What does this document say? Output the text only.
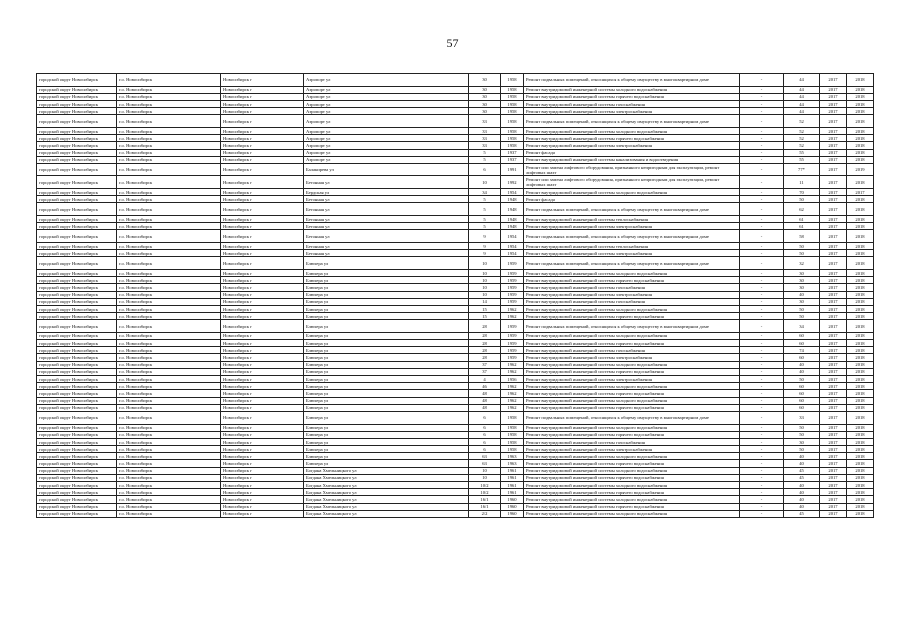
57
городской округ Новосибирск	г.о. Новосибирск	Новосибирск г	Аэропорт ул	30	1958	Ремонт подвальных помещений, относящихся к общему имуществу в многоквартирном доме	-	44	2017	2018
городской округ Новосибирск	г.о. Новосибирск	Новосибирск г	Аэропорт ул	30	1958	Ремонт внутридомовой инженерной системы холодного водоснабжения	-	44	2017	2018
городской округ Новосибирск	г.о. Новосибирск	Новосибирск г	Аэропорт ул	30	1958	Ремонт внутридомовой инженерной системы горячего водоснабжения	-	44	2017	2018
городской округ Новосибирск	г.о. Новосибирск	Новосибирск г	Аэропорт ул	30	1958	Ремонт внутридомовой инженерной системы газоснабжения	-	44	2017	2018
городской округ Новосибирск	г.о. Новосибирск	Новосибирск г	Аэропорт ул	30	1958	Ремонт внутридомовой инженерной системы электроснабжения	-	44	2017	2018
городской округ Новосибирск	г.о. Новосибирск	Новосибирск г	Аэропорт ул	33	1958	Ремонт подвальных помещений, относящихся к общему имуществу в многоквартирном доме	-	52	2017	2018
городской округ Новосибирск	г.о. Новосибирск	Новосибирск г	Аэропорт ул	33	1958	Ремонт внутридомовой инженерной системы холодного водоснабжения	-	52	2017	2018
городской округ Новосибирск	г.о. Новосибирск	Новосибирск г	Аэропорт ул	33	1958	Ремонт внутридомовой инженерной системы горячего водоснабжения	-	52	2017	2018
городской округ Новосибирск	г.о. Новосибирск	Новосибирск г	Аэропорт ул	33	1958	Ремонт внутридомовой инженерной системы электроснабжения	-	52	2017	2018
городской округ Новосибирск	г.о. Новосибирск	Новосибирск г	Аэропорт ул	5	1937	Ремонт фасада	-	55	2017	2018
городской округ Новосибирск	г.о. Новосибирск	Новосибирск г	Аэропорт ул	5	1937	Ремонт внутридомовой инженерной системы канализования и водоотведения	-	55	2017	2018
городской округ Новосибирск	г.о. Новосибирск	Новосибирск г	Балакирева ул	6	1991	Ремонт или замена лифтового оборудования, признанного непригодным для эксплуатации, ремонт лифтовых шахт	-	77*	2017	2019
городской округ Новосибирск	г.о. Новосибирск	Новосибирск г	Бетонная ул	10	1992	Ремонт или замена лифтового оборудования, признанного непригодным для эксплуатации, ремонт лифтовых шахт	-	11	2017	2018
городской округ Новосибирск	г.о. Новосибирск	Новосибирск г	Бердская ул	34	1954	Ремонт внутридомовой инженерной системы холодного водоснабжения	-	70	2017	2017
городской округ Новосибирск	г.о. Новосибирск	Новосибирск г	Бетонная ул	5	1948	Ремонт фасада	-	50	2017	2018
городской округ Новосибирск	г.о. Новосибирск	Новосибирск г	Бетонная ул	5	1948	Ремонт подвальных помещений, относящихся к общему имуществу в многоквартирном доме	-	62	2017	2018
городской округ Новосибирск	г.о. Новосибирск	Новосибирск г	Бетонная ул	5	1948	Ремонт внутридомовой инженерной системы теплоснабжения	-	61	2017	2018
городской округ Новосибирск	г.о. Новосибирск	Новосибирск г	Бетонная ул	5	1948	Ремонт внутридомовой инженерной системы электроснабжения	-	61	2017	2018
городской округ Новосибирск	г.о. Новосибирск	Новосибирск г	Бетонная ул	9	1954	Ремонт подвальных помещений, относящихся к общему имуществу в многоквартирном доме	-	58	2017	2018
городской округ Новосибирск	г.о. Новосибирск	Новосибирск г	Бетонная ул	9	1954	Ремонт внутридомовой инженерной системы теплоснабжения	-	50	2017	2018
городской округ Новосибирск	г.о. Новосибирск	Новосибирск г	Бетонная ул	9	1954	Ремонт внутридомовой инженерной системы электроснабжения	-	50	2017	2018
городской округ Новосибирск	г.о. Новосибирск	Новосибирск г	Блюхера ул	10	1959	Ремонт подвальных помещений, относящихся к общему имуществу в многоквартирном доме	-	32	2017	2018
городской округ Новосибирск	г.о. Новосибирск	Новосибирск г	Блюхера ул	10	1959	Ремонт внутридомовой инженерной системы холодного водоснабжения	-	30	2017	2018
городской округ Новосибирск	г.о. Новосибирск	Новосибирск г	Блюхера ул	10	1959	Ремонт внутридомовой инженерной системы горячего водоснабжения	-	30	2017	2018
городской округ Новосибирск	г.о. Новосибирск	Новосибирск г	Блюхера ул	10	1959	Ремонт внутридомовой инженерной системы газоснабжения	-	30	2017	2018
городской округ Новосибирск	г.о. Новосибирск	Новосибирск г	Блюхера ул	10	1959	Ремонт внутридомовой инженерной системы электроснабжения	-	40	2017	2018
городской округ Новосибирск	г.о. Новосибирск	Новосибирск г	Блюхера ул	14	1959	Ремонт внутридомовой инженерной системы газоснабжения	-	30	2017	2018
городской округ Новосибирск	г.о. Новосибирск	Новосибирск г	Блюхера ул	15	1962	Ремонт внутридомовой инженерной системы холодного водоснабжения	-	50	2017	2018
городской округ Новосибирск	г.о. Новосибирск	Новосибирск г	Блюхера ул	15	1962	Ремонт внутридомовой инженерной системы горячего водоснабжения	-	50	2017	2018
городской округ Новосибирск	г.о. Новосибирск	Новосибирск г	Блюхера ул	28	1959	Ремонт подвальных помещений, относящихся к общему имуществу в многоквартирном доме	-	34	2017	2018
городской округ Новосибирск	г.о. Новосибирск	Новосибирск г	Блюхера ул	28	1959	Ремонт внутридомовой инженерной системы холодного водоснабжения	-	60	2017	2018
городской округ Новосибирск	г.о. Новосибирск	Новосибирск г	Блюхера ул	28	1959	Ремонт внутридомовой инженерной системы горячего водоснабжения	-	60	2017	2018
городской округ Новосибирск	г.о. Новосибирск	Новосибирск г	Блюхера ул	28	1959	Ремонт внутридомовой инженерной системы газоснабжения	-	74	2017	2018
городской округ Новосибирск	г.о. Новосибирск	Новосибирск г	Блюхера ул	28	1959	Ремонт внутридомовой инженерной системы электроснабжения	-	60	2017	2018
городской округ Новосибирск	г.о. Новосибирск	Новосибирск г	Блюхера ул	37	1962	Ремонт внутридомовой инженерной системы холодного водоснабжения	-	40	2017	2018
городской округ Новосибирск	г.о. Новосибирск	Новосибирск г	Блюхера ул	37	1962	Ремонт внутридомовой инженерной системы горячего водоснабжения	-	40	2017	2018
городской округ Новосибирск	г.о. Новосибирск	Новосибирск г	Блюхера ул	4	1956	Ремонт внутридомовой инженерной системы электроснабжения	-	50	2017	2018
городской округ Новосибирск	г.о. Новосибирск	Новосибирск г	Блюхера ул	46	1962	Ремонт внутридомовой инженерной системы холодного водоснабжения	-	60	2017	2018
городской округ Новосибирск	г.о. Новосибирск	Новосибирск г	Блюхера ул	48	1962	Ремонт внутридомовой инженерной системы горячего водоснабжения	-	60	2017	2018
городской округ Новосибирск	г.о. Новосибирск	Новосибирск г	Блюхера ул	48	1962	Ремонт внутридомовой инженерной системы холодного водоснабжения	-	60	2017	2018
городской округ Новосибирск	г.о. Новосибирск	Новосибирск г	Блюхера ул	48	1962	Ремонт внутридомовой инженерной системы горячего водоснабжения	-	60	2017	2018
городской округ Новосибирск	г.о. Новосибирск	Новосибирск г	Блюхера ул	6	1958	Ремонт подвальных помещений, относящихся к общему имуществу в многоквартирном доме	-	33	2017	2018
городской округ Новосибирск	г.о. Новосибирск	Новосибирск г	Блюхера ул	6	1958	Ремонт внутридомовой инженерной системы холодного водоснабжения	-	50	2017	2018
городской округ Новосибирск	г.о. Новосибирск	Новосибирск г	Блюхера ул	6	1958	Ремонт внутридомовой инженерной системы горячего водоснабжения	-	50	2017	2018
городской округ Новосибирск	г.о. Новосибирск	Новосибирск г	Блюхера ул	6	1958	Ремонт внутридомовой инженерной системы газоснабжения	-	30	2017	2018
городской округ Новосибирск	г.о. Новосибирск	Новосибирск г	Блюхера ул	6	1958	Ремонт внутридомовой инженерной системы электроснабжения	-	50	2017	2018
городской округ Новосибирск	г.о. Новосибирск	Новосибирск г	Блюхера ул	63	1963	Ремонт внутридомовой инженерной системы холодного водоснабжения	-	40	2017	2018
городской округ Новосибирск	г.о. Новосибирск	Новосибирск г	Блюхера ул	63	1963	Ремонт внутридомовой инженерной системы горячего водоснабжения	-	40	2017	2018
городской округ Новосибирск	г.о. Новосибирск	Новосибирск г	Богдана Хмельницкого ул	10	1961	Ремонт внутридомовой инженерной системы холодного водоснабжения	-	45	2017	2018
городской округ Новосибирск	г.о. Новосибирск	Новосибирск г	Богдана Хмельницкого ул	10	1961	Ремонт внутридомовой инженерной системы горячего водоснабжения	-	45	2017	2018
городской округ Новосибирск	г.о. Новосибирск	Новосибирск г	Богдана Хмельницкого ул	10/2	1961	Ремонт внутридомовой инженерной системы холодного водоснабжения	-	40	2017	2018
городской округ Новосибирск	г.о. Новосибирск	Новосибирск г	Богдана Хмельницкого ул	10/2	1961	Ремонт внутридомовой инженерной системы горячего водоснабжения	-	40	2017	2018
городской округ Новосибирск	г.о. Новосибирск	Новосибирск г	Богдана Хмельницкого ул	16/1	1960	Ремонт внутридомовой инженерной системы холодного водоснабжения	-	40	2017	2018
городской округ Новосибирск	г.о. Новосибирск	Новосибирск г	Богдана Хмельницкого ул	16/1	1960	Ремонт внутридомовой инженерной системы горячего водоснабжения	-	40	2017	2018
городской округ Новосибирск	г.о. Новосибирск	Новосибирск г	Богдана Хмельницкого ул	2/2	1960	Ремонт внутридомовой инженерной системы холодного водоснабжения	-	45	2017	2018
